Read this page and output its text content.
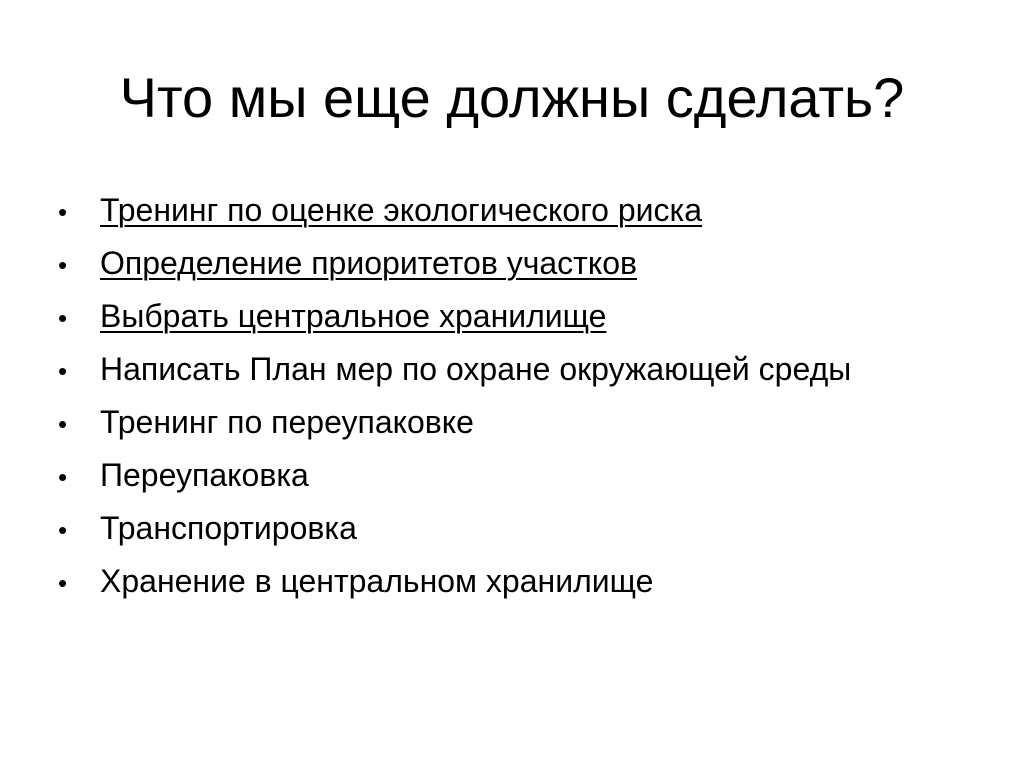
Что мы еще должны сделать?
•	Тренинг по оценке экологического риска
•	Определение приоритетов участков
•	Выбрать центральное хранилище
•	Написать План мер по охране окружающей среды
•	Тренинг по переупаковке
•	Переупаковка
•	Транспортировка
•	Хранение в центральном хранилище
